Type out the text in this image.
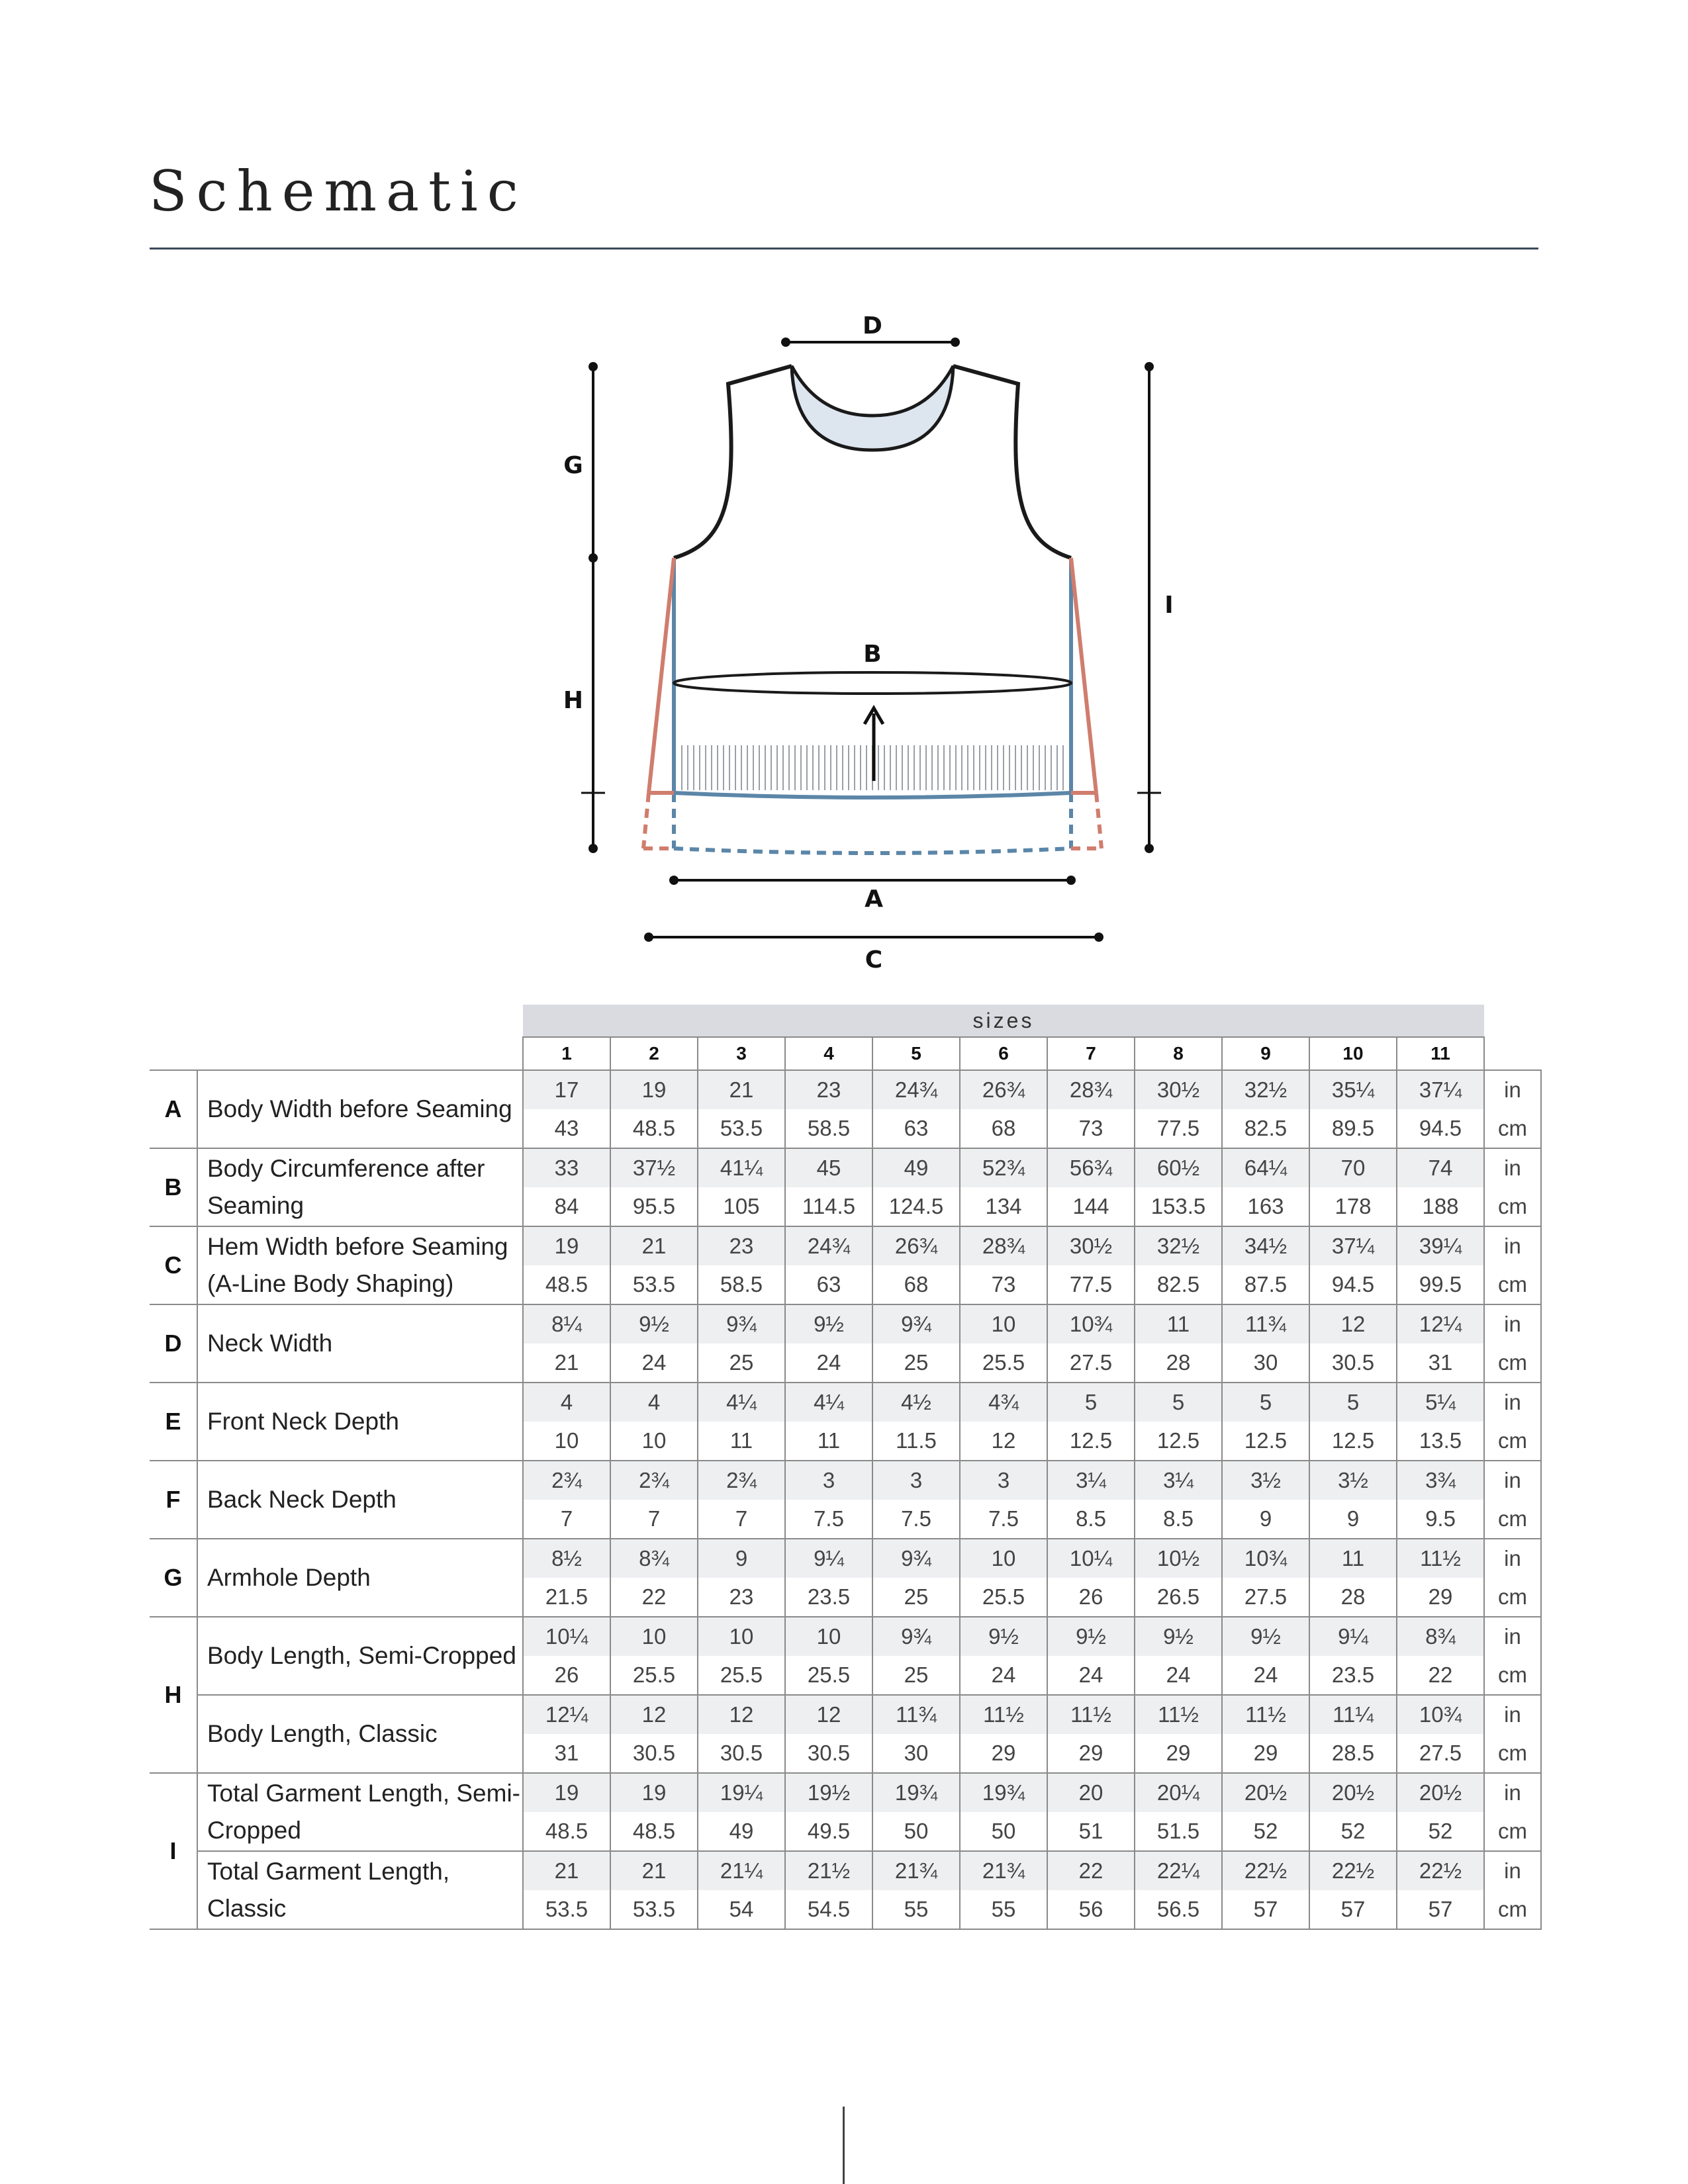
Schematic
D
B
G
H
I
A
C
		sizes											
		1	2	3	4	5	6	7	8	9	10	11	
A	Body Width before Seaming	17	19	21	23	24¾	26¾	28¾	30½	32½	35¼	37¼	in
		43	48.5	53.5	58.5	63	68	73	77.5	82.5	89.5	94.5	cm
B	Body Circumference after Seaming	33	37½	41¼	45	49	52¾	56¾	60½	64¼	70	74	in
		84	95.5	105	114.5	124.5	134	144	153.5	163	178	188	cm
C	Hem Width before Seaming (A-Line Body Shaping)	19	21	23	24¾	26¾	28¾	30½	32½	34½	37¼	39¼	in
		48.5	53.5	58.5	63	68	73	77.5	82.5	87.5	94.5	99.5	cm
D	Neck Width	8¼	9½	9¾	9½	9¾	10	10¾	11	11¾	12	12¼	in
		21	24	25	24	25	25.5	27.5	28	30	30.5	31	cm
E	Front Neck Depth	4	4	4¼	4¼	4½	4¾	5	5	5	5	5¼	in
		10	10	11	11	11.5	12	12.5	12.5	12.5	12.5	13.5	cm
F	Back Neck Depth	2¾	2¾	2¾	3	3	3	3¼	3¼	3½	3½	3¾	in
		7	7	7	7.5	7.5	7.5	8.5	8.5	9	9	9.5	cm
G	Armhole Depth	8½	8¾	9	9¼	9¾	10	10¼	10½	10¾	11	11½	in
		21.5	22	23	23.5	25	25.5	26	26.5	27.5	28	29	cm
H	Body Length, Semi-Cropped	10¼	10	10	10	9¾	9½	9½	9½	9½	9¼	8¾	in
		26	25.5	25.5	25.5	25	24	24	24	24	23.5	22	cm
	Body Length, Classic	12¼	12	12	12	11¾	11½	11½	11½	11½	11¼	10¾	in
		31	30.5	30.5	30.5	30	29	29	29	29	28.5	27.5	cm
I	Total Garment Length, Semi-Cropped	19	19	19¼	19½	19¾	19¾	20	20¼	20½	20½	20½	in
		48.5	48.5	49	49.5	50	50	51	51.5	52	52	52	cm
	Total Garment Length, Classic	21	21	21¼	21½	21¾	21¾	22	22¼	22½	22½	22½	in
		53.5	53.5	54	54.5	55	55	56	56.5	57	57	57	cm
